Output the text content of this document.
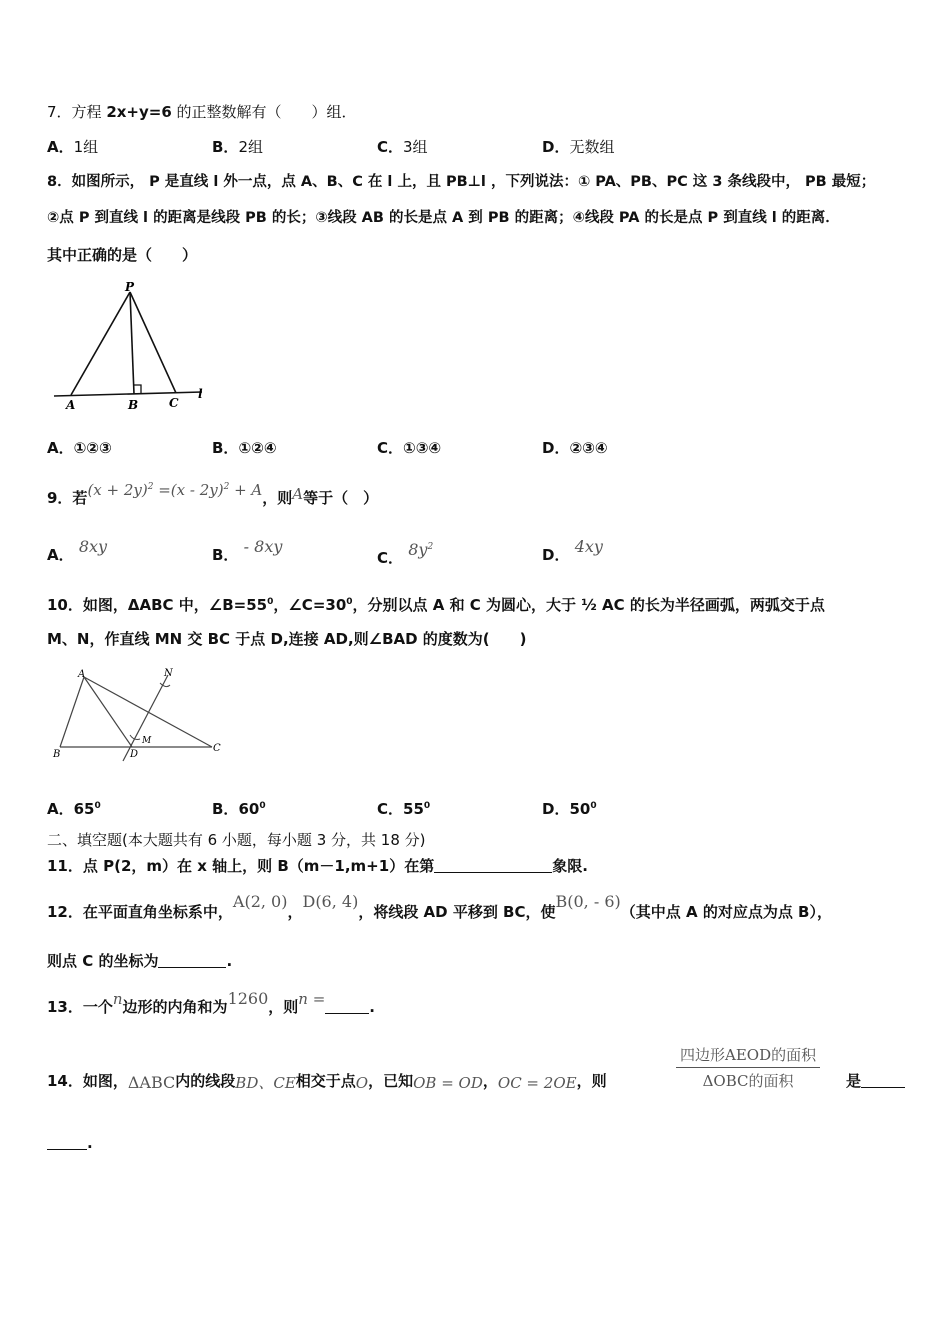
7．方程 2x+y=6 的正整数解有（　　）组．
A．1组	B．2组	C．3组	D．无数组
8．如图所示， P 是直线 l 外一点，点 A、B、C 在 l 上，且 PB⊥l ，下列说法：① PA、PB、PC 这 3 条线段中， PB 最短；
②点 P 到直线 l 的距离是线段 PB 的长；③线段 AB 的长是点 A 到 PB 的距离；④线段 PA 的长是点 P 到直线 l 的距离．
其中正确的是（　　）
P
A	B	C
l
A．①②③	B．①②④	C．①③④	D．②③④
9．若$(x + 2y)^2 =(x - 2y)^2 + A$，则A等于（　）
A． 8xy	B． - 8xy
C． $8y^2$	D． 4xy
10．如图，ΔABC 中，$\angle B=55^0$，$\angle C=30^0$，分别以点 A 和 C 为圆心，大于 ½ AC 的长为半径画弧，两弧交于点
M、N，作直线 MN 交 BC 于点 D,连接 AD,则∠BAD 的度数为(　　)
A
B
C
D
M
N
A．$65^0$	B．$60^0$	C．$55^0$	D．$50^0$
二、填空题(本大题共有 6 小题，每小题 3 分，共 18 分)
11．点 P(2，m）在 x 轴上，则 B（m－1,m+1）在第	象限.
12．在平面直角坐标系中，A(2, 0)，D(6, 4)，将线段 AD 平移到 BC，使B(0, - 6)（其中点 A 的对应点为点 B），
则点 C 的坐标为	.
13．一个n边形的内角和为1260，则n =	.
14．如图，ΔABC内的线段BD、CE相交于点O，已知OB = OD，OC = 2OE，则
四边形AEOD的面积
ΔOBC的面积	是
.
